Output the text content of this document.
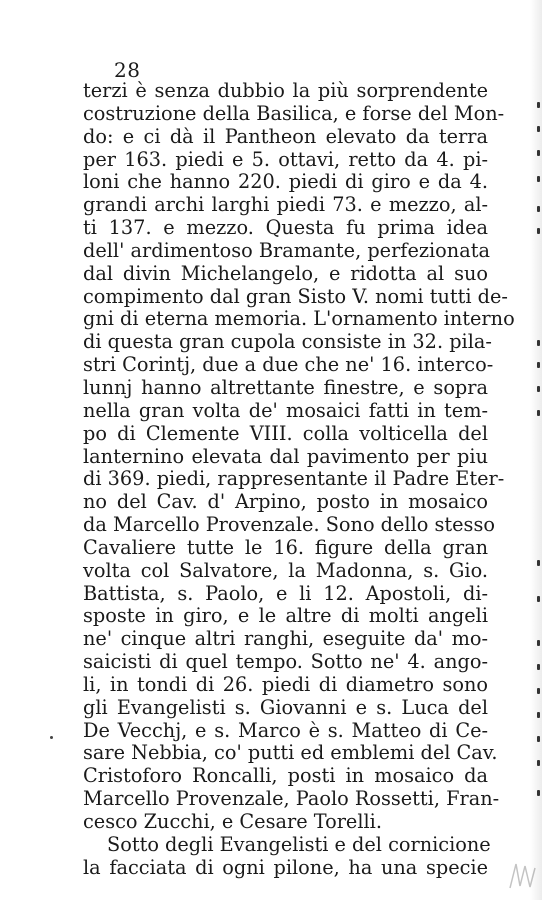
28
terzi è senza dubbio la più sorprendente
costruzione della Basilica, e forse del Mon-
do: e ci dà il Pantheon elevato da terra
per 163. piedi e 5. ottavi, retto da 4. pi-
loni che hanno 220. piedi di giro e da 4.
grandi archi larghi piedi 73. e mezzo, al-
ti 137. e mezzo. Questa fu prima idea
dell' ardimentoso Bramante, perfezionata
dal divin Michelangelo, e ridotta al suo
compimento dal gran Sisto V. nomi tutti de-
gni di eterna memoria. L'ornamento interno
di questa gran cupola consiste in 32. pila-
stri Corintj, due a due che ne' 16. interco-
lunnj hanno altrettante finestre, e sopra
nella gran volta de' mosaici fatti in tem-
po di Clemente VIII. colla volticella del
lanternino elevata dal pavimento per piu
di 369. piedi, rappresentante il Padre Eter-
no del Cav. d' Arpino, posto in mosaico
da Marcello Provenzale. Sono dello stesso
Cavaliere tutte le 16. figure della gran
volta col Salvatore, la Madonna, s. Gio.
Battista, s. Paolo, e li 12. Apostoli, di-
sposte in giro, e le altre di molti angeli
ne' cinque altri ranghi, eseguite da' mo-
saicisti di quel tempo. Sotto ne' 4. ango-
li, in tondi di 26. piedi di diametro sono
gli Evangelisti s. Giovanni e s. Luca del
De Vecchj, e s. Marco è s. Matteo di Ce-
sare Nebbia, co' putti ed emblemi del Cav.
Cristoforo Roncalli, posti in mosaico da
Marcello Provenzale, Paolo Rossetti, Fran-
cesco Zucchi, e Cesare Torelli.
Sotto degli Evangelisti e del cornicione
la facciata di ogni pilone, ha una specie
